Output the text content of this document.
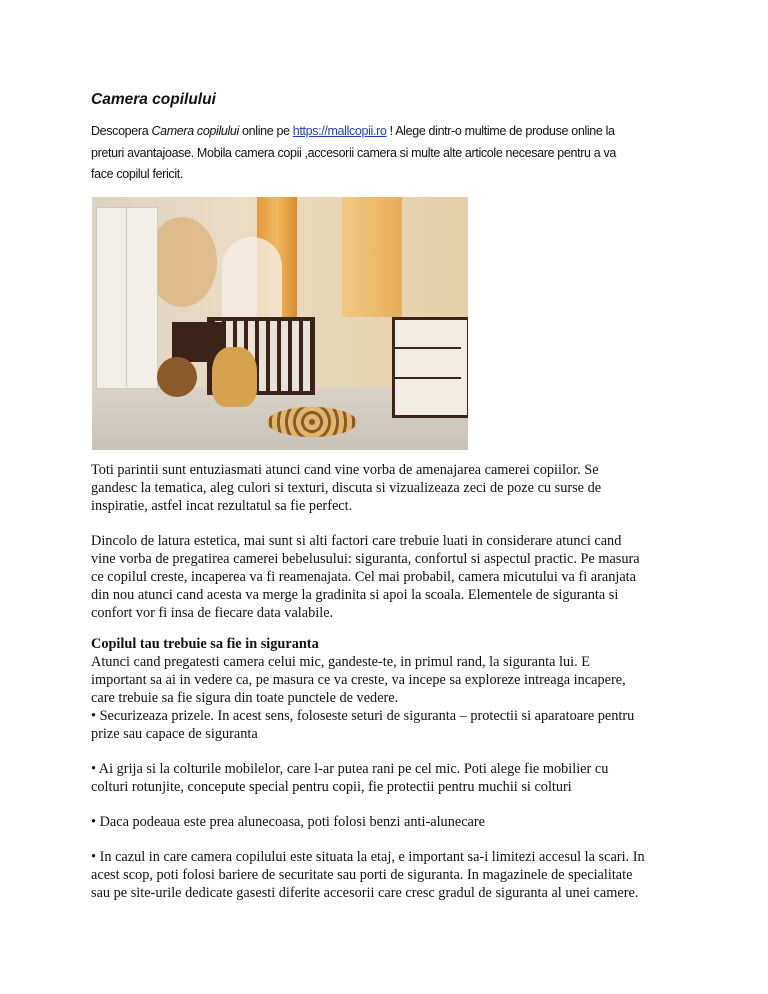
Camera copilului
Descopera Camera copilului online pe https://mallcopii.ro ! Alege dintr-o multime de produse online la
preturi avantajoase. Mobila camera copii ,accesorii camera si multe alte articole necesare pentru a va
face copilul fericit.
Toti parintii sunt entuziasmati atunci cand vine vorba de amenajarea camerei copiilor. Se
gandesc la tematica, aleg culori si texturi, discuta si vizualizeaza zeci de poze cu surse de
inspiratie, astfel incat rezultatul sa fie perfect.
Dincolo de latura estetica, mai sunt si alti factori care trebuie luati in considerare atunci cand
vine vorba de pregatirea camerei bebelusului: siguranta, confortul si aspectul practic. Pe masura
ce copilul creste, incaperea va fi reamenajata. Cel mai probabil, camera micutului va fi aranjata
din nou atunci cand acesta va merge la gradinita si apoi la scoala. Elementele de siguranta si
confort vor fi insa de fiecare data valabile.
Copilul tau trebuie sa fie in siguranta
Atunci cand pregatesti camera celui mic, gandeste-te, in primul rand, la siguranta lui. E
important sa ai in vedere ca, pe masura ce va creste, va incepe sa exploreze intreaga incapere,
care trebuie sa fie sigura din toate punctele de vedere.
• Securizeaza prizele. In acest sens, foloseste seturi de siguranta – protectii si aparatoare pentru
prize sau capace de siguranta
• Ai grija si la colturile mobilelor, care l-ar putea rani pe cel mic. Poti alege fie mobilier cu
colturi rotunjite, concepute special pentru copii, fie protectii pentru muchii si colturi
• Daca podeaua este prea alunecoasa, poti folosi benzi anti-alunecare
• In cazul in care camera copilului este situata la etaj, e important sa-i limitezi accesul la scari. In
acest scop, poti folosi bariere de securitate sau porti de siguranta. In magazinele de specialitate
sau pe site-urile dedicate gasesti diferite accesorii care cresc gradul de siguranta al unei camere.
